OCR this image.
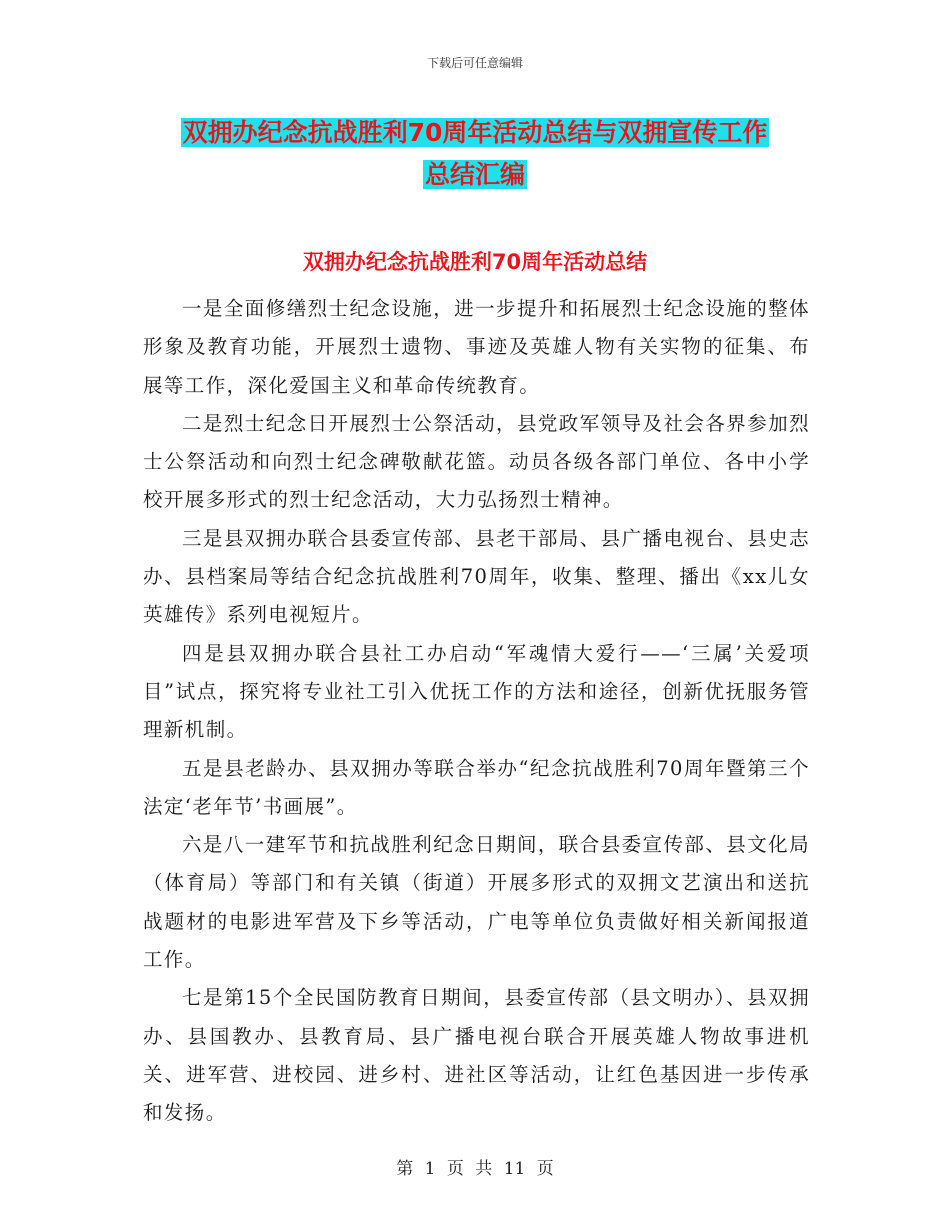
下载后可任意编辑
双拥办纪念抗战胜利70周年活动总结与双拥宣传工作
总结汇编
双拥办纪念抗战胜利70周年活动总结

一是全面修缮烈士纪念设施，进一步提升和拓展烈士纪念设施的整体形象及教育功能，开展烈士遗物、事迹及英雄人物有关实物的征集、布展等工作，深化爱国主义和革命传统教育。

二是烈士纪念日开展烈士公祭活动，县党政军领导及社会各界参加烈士公祭活动和向烈士纪念碑敬献花篮。动员各级各部门单位、各中小学校开展多形式的烈士纪念活动，大力弘扬烈士精神。

三是县双拥办联合县委宣传部、县老干部局、县广播电视台、县史志办、县档案局等结合纪念抗战胜利70周年，收集、整理、播出《xx儿女英雄传》系列电视短片。

四是县双拥办联合县社工办启动“军魂情大爱行——‘三属’关爱项目”试点，探究将专业社工引入优抚工作的方法和途径，创新优抚服务管理新机制。

五是县老龄办、县双拥办等联合举办“纪念抗战胜利70周年暨第三个法定‘老年节’书画展”。

六是八一建军节和抗战胜利纪念日期间，联合县委宣传部、县文化局（体育局）等部门和有关镇（街道）开展多形式的双拥文艺演出和送抗战题材的电影进军营及下乡等活动，广电等单位负责做好相关新闻报道工作。

七是第15个全民国防教育日期间，县委宣传部（县文明办）、县双拥办、县国教办、县教育局、县广播电视台联合开展英雄人物故事进机关、进军营、进校园、进乡村、进社区等活动，让红色基因进一步传承和发扬。

第 1 页 共 11 页
